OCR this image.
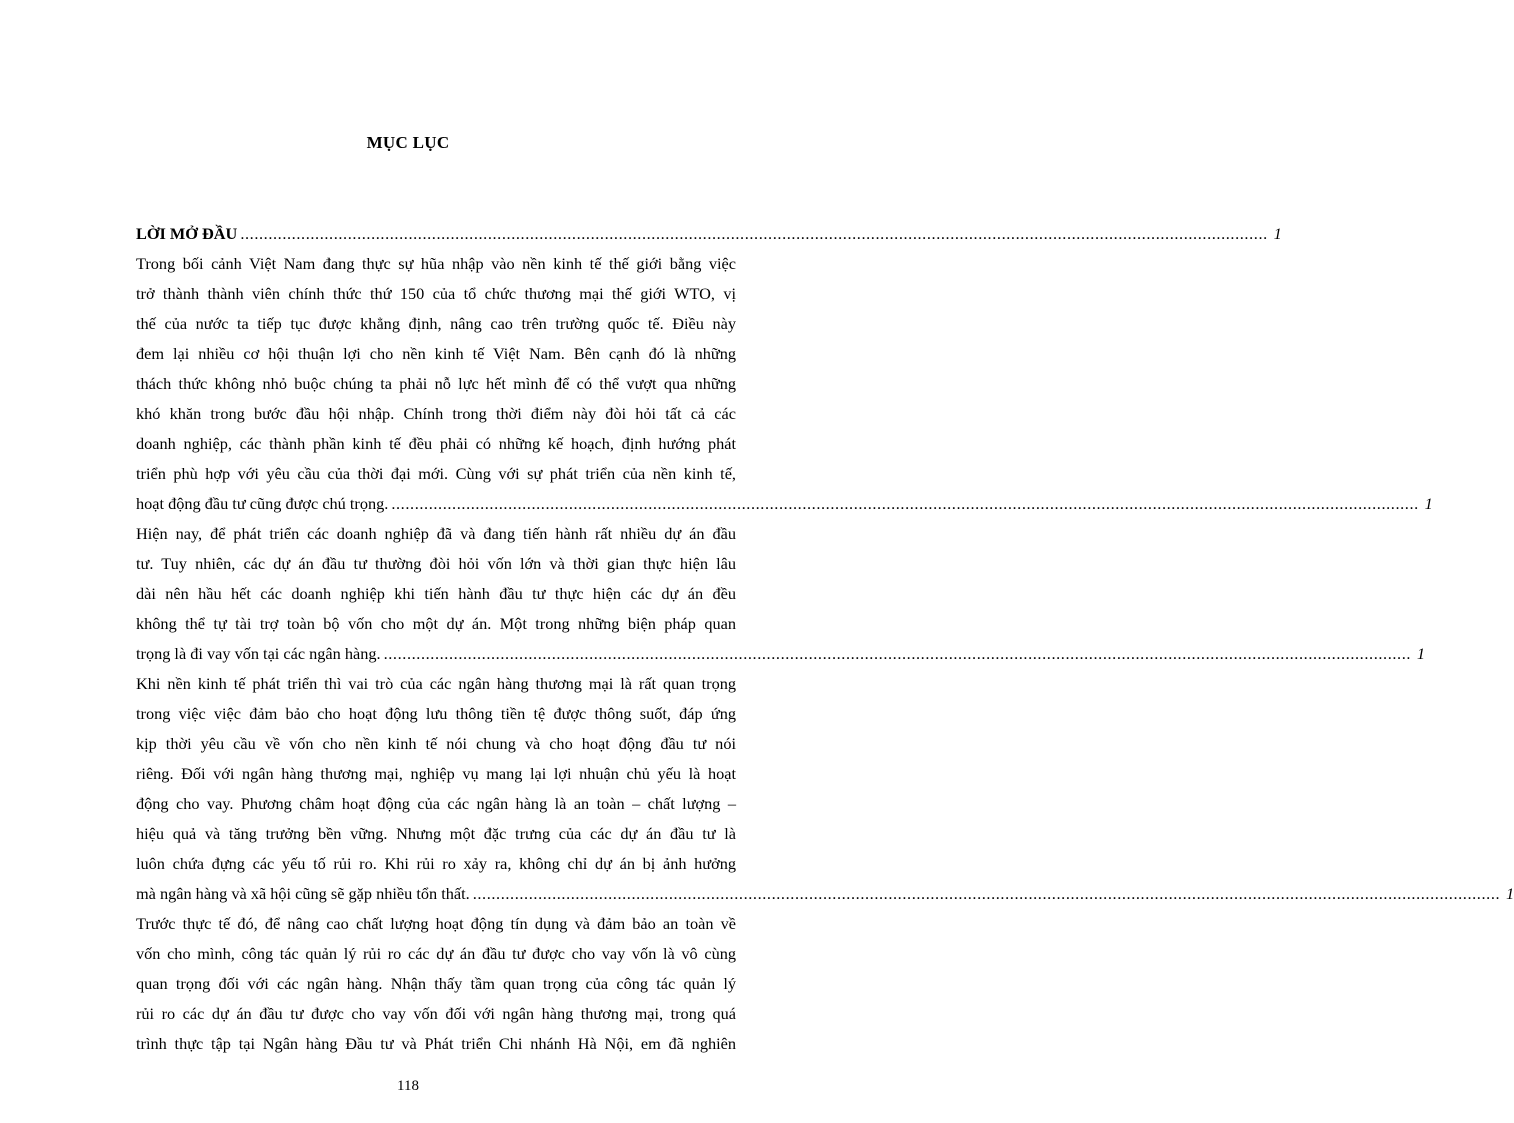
MỤC LỤC
LỜI MỞ ĐẦU ............................................................................................................................................................................................................................ 1
Trong bối cảnh Việt Nam đang thực sự hũa nhập vào nền kinh tế thế giới bằng việc
trở thành thành viên chính thức thứ 150 của tổ chức thương mại thế giới WTO, vị
thế của nước ta tiếp tục được khẳng định, nâng cao trên trường quốc tế. Điều này
đem lại nhiều cơ hội thuận lợi cho nền kinh tế Việt Nam. Bên cạnh đó là những
thách thức không nhỏ buộc chúng ta phải nỗ lực hết mình để có thể vượt qua những
khó khăn trong bước đầu hội nhập. Chính trong thời điểm này đòi hỏi tất cả các
doanh nghiệp, các thành phần kinh tế đều phải có những kế hoạch, định hướng phát
triển phù hợp với yêu cầu của thời đại mới. Cùng với sự phát triển của nền kinh tế,
hoạt động đầu tư cũng được chú trọng. ............................................................................................................................................................................................................................ 1
Hiện nay, để phát triển các doanh nghiệp đã và đang tiến hành rất nhiều dự án đầu
tư. Tuy nhiên, các dự án đầu tư thường đòi hỏi vốn lớn và thời gian thực hiện lâu
dài nên hầu hết các doanh nghiệp khi tiến hành đầu tư thực hiện các dự án đều
không thể tự tài trợ toàn bộ vốn cho một dự án. Một trong những biện pháp quan
trọng là đi vay vốn tại các ngân hàng. ............................................................................................................................................................................................................................ 1
Khi nền kinh tế phát triển thì vai trò của các ngân hàng thương mại là rất quan trọng
trong việc việc đảm bảo cho hoạt động lưu thông tiền tệ được thông suốt, đáp ứng
kịp thời yêu cầu về vốn cho nền kinh tế nói chung và cho hoạt động đầu tư nói
riêng. Đối với ngân hàng thương mại, nghiệp vụ mang lại lợi nhuận chủ yếu là hoạt
động cho vay. Phương châm hoạt động của các ngân hàng là an toàn – chất lượng –
hiệu quả và tăng trưởng bền vững. Nhưng một đặc trưng của các dự án đầu tư là
luôn chứa đựng các yếu tố rủi ro. Khi rủi ro xảy ra, không chỉ dự án bị ảnh hưởng
mà ngân hàng và xã hội cũng sẽ gặp nhiều tổn thất. ............................................................................................................................................................................................................................ 1
Trước thực tế đó, để nâng cao chất lượng hoạt động tín dụng và đảm bảo an toàn về
vốn cho mình, công tác quản lý rủi ro các dự án đầu tư được cho vay vốn là vô cùng
quan trọng đối với các ngân hàng. Nhận thấy tầm quan trọng của công tác quản lý
rủi ro các dự án đầu tư được cho vay vốn đối với ngân hàng thương mại, trong quá
trình thực tập tại Ngân hàng Đầu tư và Phát triển Chi nhánh Hà Nội, em đã nghiên
118
